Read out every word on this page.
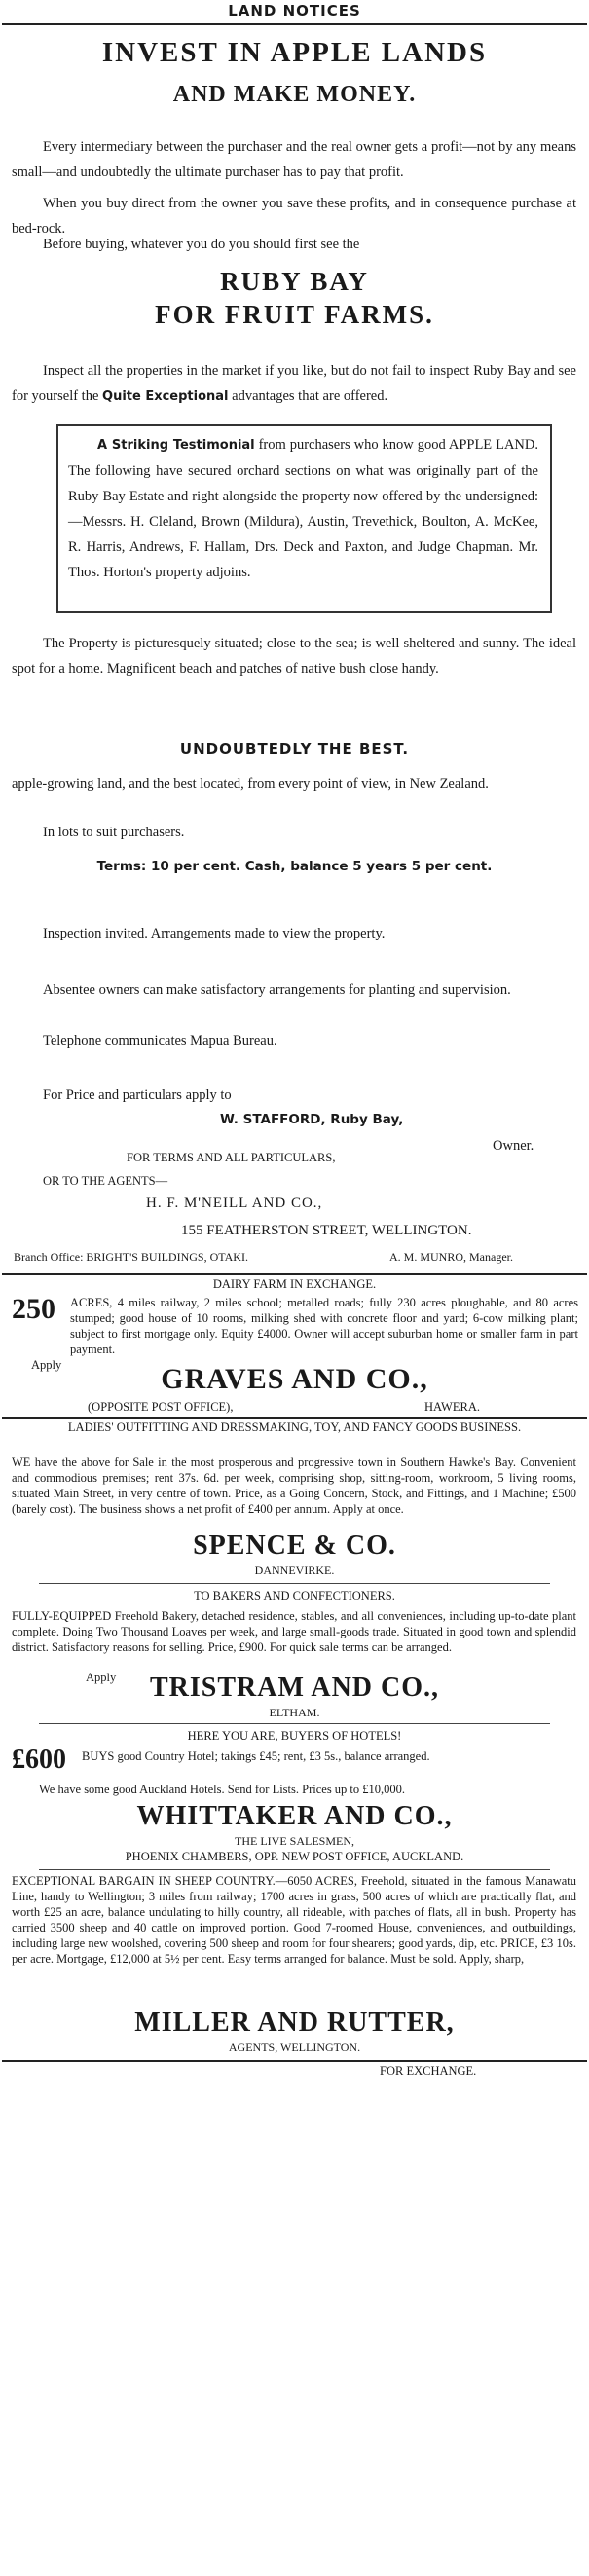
LAND NOTICES
INVEST IN APPLE LANDS
AND MAKE MONEY.
Every intermediary between the purchaser and the real owner gets a profit—not by any means small—and undoubtedly the ultimate purchaser has to pay that profit.
When you buy direct from the owner you save these profits, and in consequence purchase at bed-rock.
Before buying, whatever you do you should first see the
RUBY BAY
FOR FRUIT FARMS.
Inspect all the properties in the market if you like, but do not fail to inspect Ruby Bay and see for yourself the Quite Exceptional advantages that are offered.
A Striking Testimonial from purchasers who know good APPLE LAND. The following have secured orchard sections on what was originally part of the Ruby Bay Estate and right alongside the property now offered by the undersigned:—Messrs. H. Cleland, Brown (Mildura), Austin, Trevethick, Boulton, A. McKee, R. Harris, Andrews, F. Hallam, Drs. Deck and Paxton, and Judge Chapman. Mr. Thos. Horton's property adjoins.
The Property is picturesquely situated; close to the sea; is well sheltered and sunny. The ideal spot for a home. Magnificent beach and patches of native bush close handy.
UNDOUBTEDLY THE BEST.
apple-growing land, and the best located, from every point of view, in New Zealand.
In lots to suit purchasers.
Terms: 10 per cent. Cash, balance 5 years 5 per cent.
Inspection invited. Arrangements made to view the property.
Absentee owners can make satisfactory arrangements for planting and supervision.
Telephone communicates Mapua Bureau.
For Price and particulars apply to
W. STAFFORD, Ruby Bay,
Owner.
FOR TERMS AND ALL PARTICULARS,
OR TO THE AGENTS—
H. F. M'NEILL AND CO.,
155 FEATHERSTON STREET, WELLINGTON.
Branch Office: BRIGHT'S BUILDINGS, OTAKI.	A. M. MUNRO, Manager.
DAIRY FARM IN EXCHANGE.
250 ACRES, 4 miles railway, 2 miles school; metalled roads; fully 230 acres ploughable, and 80 acres stumped; good house of 10 rooms, milking shed with concrete floor and yard; 6-cow milking plant; subject to first mortgage only. Equity £4000. Owner will accept suburban home or smaller farm in part payment.
Apply	GRAVES AND CO.,
(OPPOSITE POST OFFICE),	HAWERA.
LADIES' OUTFITTING AND DRESSMAKING, TOY, AND FANCY GOODS BUSINESS.
WE have the above for Sale in the most prosperous and progressive town in Southern Hawke's Bay. Convenient and commodious premises; rent 37s. 6d. per week, comprising shop, sitting-room, workroom, 5 living rooms, situated Main Street, in very centre of town. Price, as a Going Concern, Stock, and Fittings, and 1 Machine; £500 (barely cost). The business shows a net profit of £400 per annum. Apply at once.
SPENCE & CO.
DANNEVIRKE.
TO BAKERS AND CONFECTIONERS.
FULLY-EQUIPPED Freehold Bakery, detached residence, stables, and all conveniences, including up-to-date plant complete. Doing Two Thousand Loaves per week, and large small-goods trade. Situated in good town and splendid district. Satisfactory reasons for selling. Price, £900. For quick sale terms can be arranged.
Apply	TRISTRAM AND CO.,
ELTHAM.
HERE YOU ARE, BUYERS OF HOTELS!
£600 BUYS good Country Hotel; takings £45; rent, £3 5s., balance arranged.
We have some good Auckland Hotels. Send for Lists. Prices up to £10,000.
WHITTAKER AND CO.,
THE LIVE SALESMEN,
PHOENIX CHAMBERS, OPP. NEW POST OFFICE, AUCKLAND.
EXCEPTIONAL BARGAIN IN SHEEP COUNTRY.—6050 ACRES, Freehold, situated in the famous Manawatu Line, handy to Wellington; 3 miles from railway; 1700 acres in grass, 500 acres of which are practically flat, and worth £25 an acre, balance undulating to hilly country, all rideable, with patches of flats, all in bush. Property has carried 3500 sheep and 40 cattle on improved portion. Good 7-roomed House, conveniences, and outbuildings, including large new woolshed, covering 500 sheep and room for four shearers; good yards, dip, etc. PRICE, £3 10s. per acre. Mortgage, £12,000 at 5½ per cent. Easy terms arranged for balance. Must be sold. Apply, sharp,
MILLER AND RUTTER,
AGENTS, WELLINGTON.
FOR EXCHANGE.
